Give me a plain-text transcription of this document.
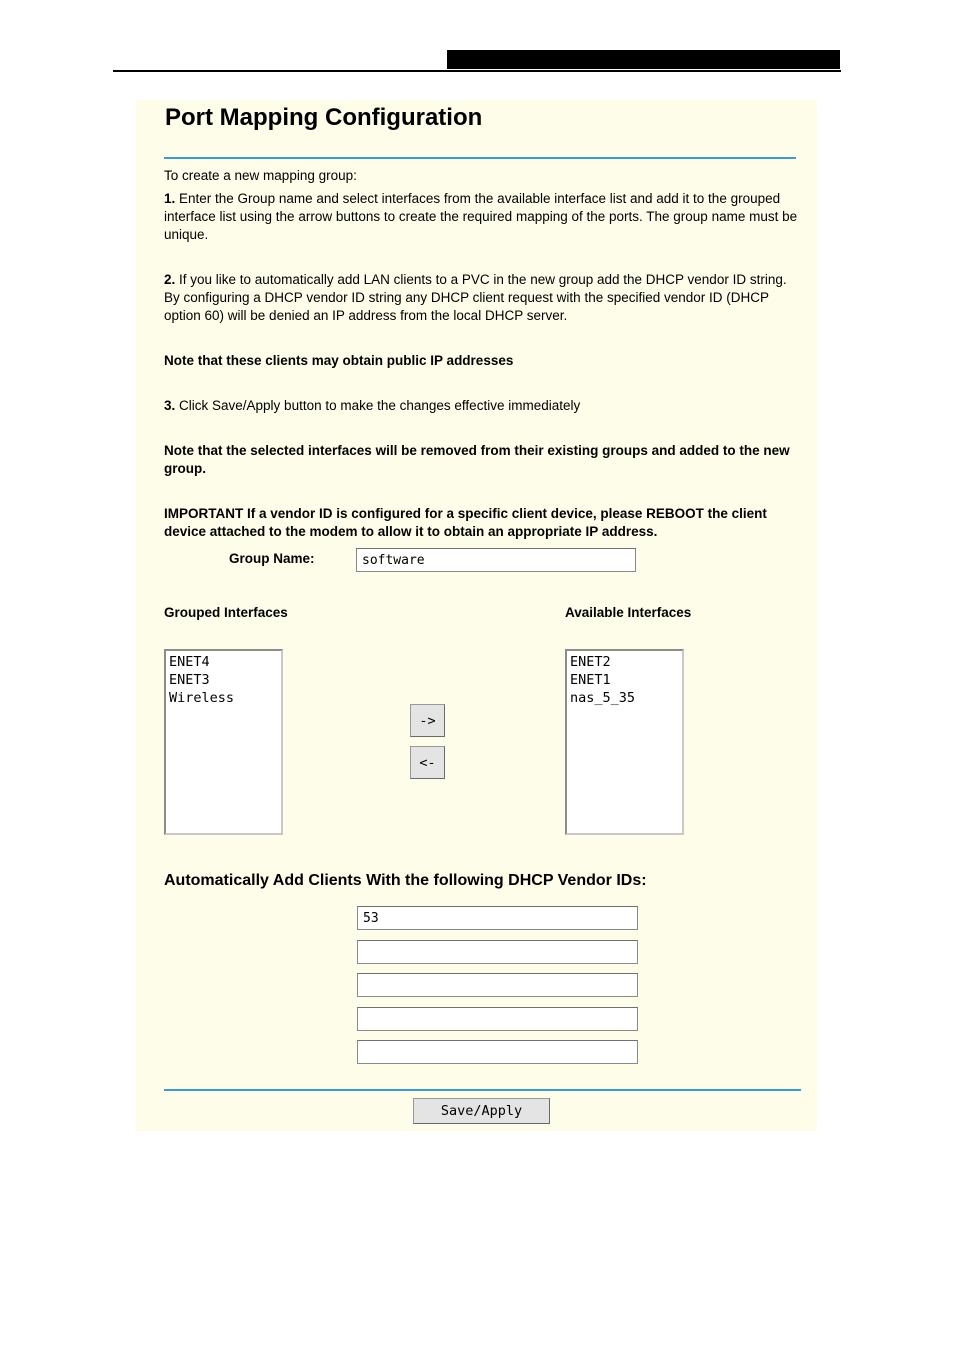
Port Mapping Configuration
To create a new mapping group:
1. Enter the Group name and select interfaces from the available interface list and add it to the grouped interface list using the arrow buttons to create the required mapping of the ports. The group name must be unique.
2. If you like to automatically add LAN clients to a PVC in the new group add the DHCP vendor ID string. By configuring a DHCP vendor ID string any DHCP client request with the specified vendor ID (DHCP option 60) will be denied an IP address from the local DHCP server.
Note that these clients may obtain public IP addresses
3. Click Save/Apply button to make the changes effective immediately
Note that the selected interfaces will be removed from their existing groups and added to the new group.
IMPORTANT If a vendor ID is configured for a specific client device, please REBOOT the client device attached to the modem to allow it to obtain an appropriate IP address.
Group Name:
software
Grouped Interfaces	Available Interfaces
ENET4
ENET3
Wireless
->
<-
ENET2
ENET1
nas_5_35
Automatically Add Clients With the following DHCP Vendor IDs:
53
Save/Apply
